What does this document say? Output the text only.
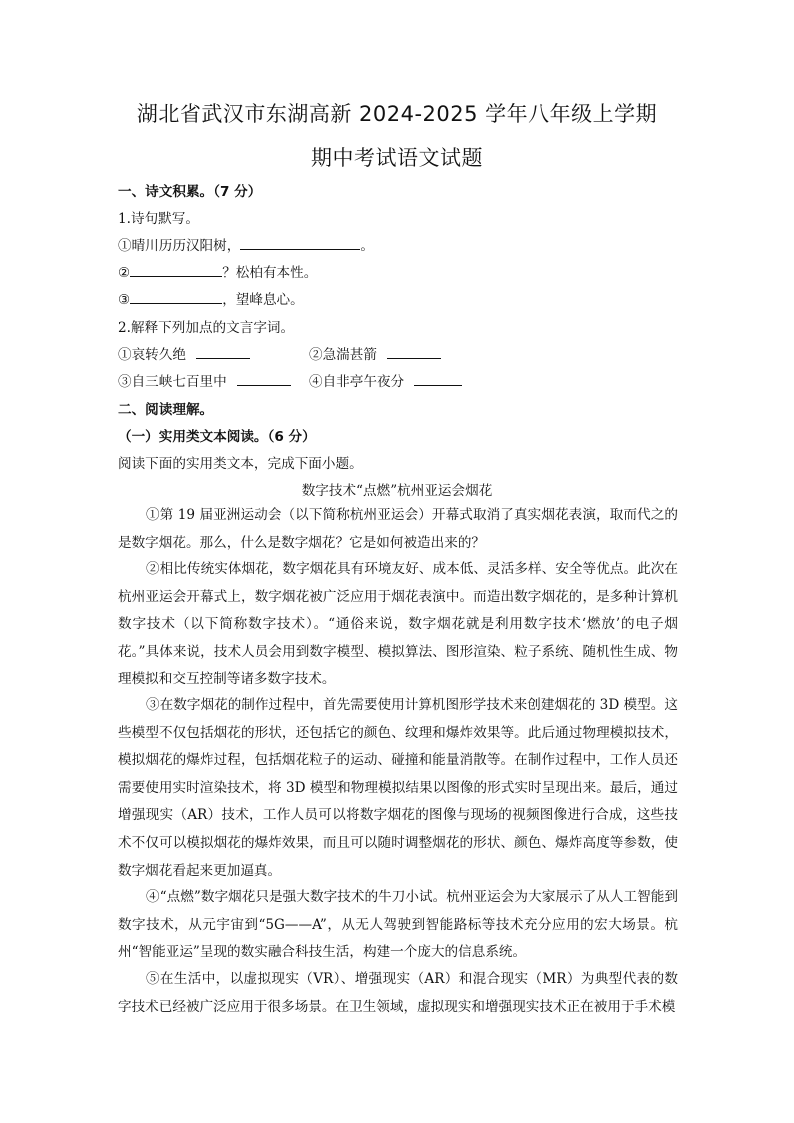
湖北省武汉市东湖高新 2024-2025 学年八年级上学期
期中考试语文试题
一、诗文积累。（7 分）
1.诗句默写。
①晴川历历汉阳树，	。
②	？松柏有本性。
③	，望峰息心。
2.解释下列加点的文言字词。
①哀转久绝	②急湍甚箭
③自三峡七百里中	④自非亭午夜分
二、阅读理解。
（一）实用类文本阅读。（6 分）
阅读下面的实用类文本，完成下面小题。
数字技术“点燃”杭州亚运会烟花

①第 19 届亚洲运动会（以下简称杭州亚运会）开幕式取消了真实烟花表演，取而代之的是数字烟花。那么，什么是数字烟花？它是如何被造出来的？

②相比传统实体烟花，数字烟花具有环境友好、成本低、灵活多样、安全等优点。此次在杭州亚运会开幕式上，数字烟花被广泛应用于烟花表演中。而造出数字烟花的，是多种计算机数字技术（以下简称数字技术）。“通俗来说，数字烟花就是利用数字技术‘燃放’的电子烟花。”具体来说，技术人员会用到数字模型、模拟算法、图形渲染、粒子系统、随机性生成、物理模拟和交互控制等诸多数字技术。

③在数字烟花的制作过程中，首先需要使用计算机图形学技术来创建烟花的 3D 模型。这些模型不仅包括烟花的形状，还包括它的颜色、纹理和爆炸效果等。此后通过物理模拟技术，模拟烟花的爆炸过程，包括烟花粒子的运动、碰撞和能量消散等。在制作过程中，工作人员还需要使用实时渲染技术，将 3D 模型和物理模拟结果以图像的形式实时呈现出来。最后，通过增强现实（AR）技术，工作人员可以将数字烟花的图像与现场的视频图像进行合成，这些技术不仅可以模拟烟花的爆炸效果，而且可以随时调整烟花的形状、颜色、爆炸高度等参数，使数字烟花看起来更加逼真。

④“点燃”数字烟花只是强大数字技术的牛刀小试。杭州亚运会为大家展示了从人工智能到数字技术，从元宇宙到“5G——A”，从无人驾驶到智能路标等技术充分应用的宏大场景。杭州“智能亚运”呈现的数实融合科技生活，构建一个庞大的信息系统。

⑤在生活中，以虚拟现实（VR）、增强现实（AR）和混合现实（MR）为典型代表的数字技术已经被广泛应用于很多场景。在卫生领域，虚拟现实和增强现实技术正在被用于手术模
